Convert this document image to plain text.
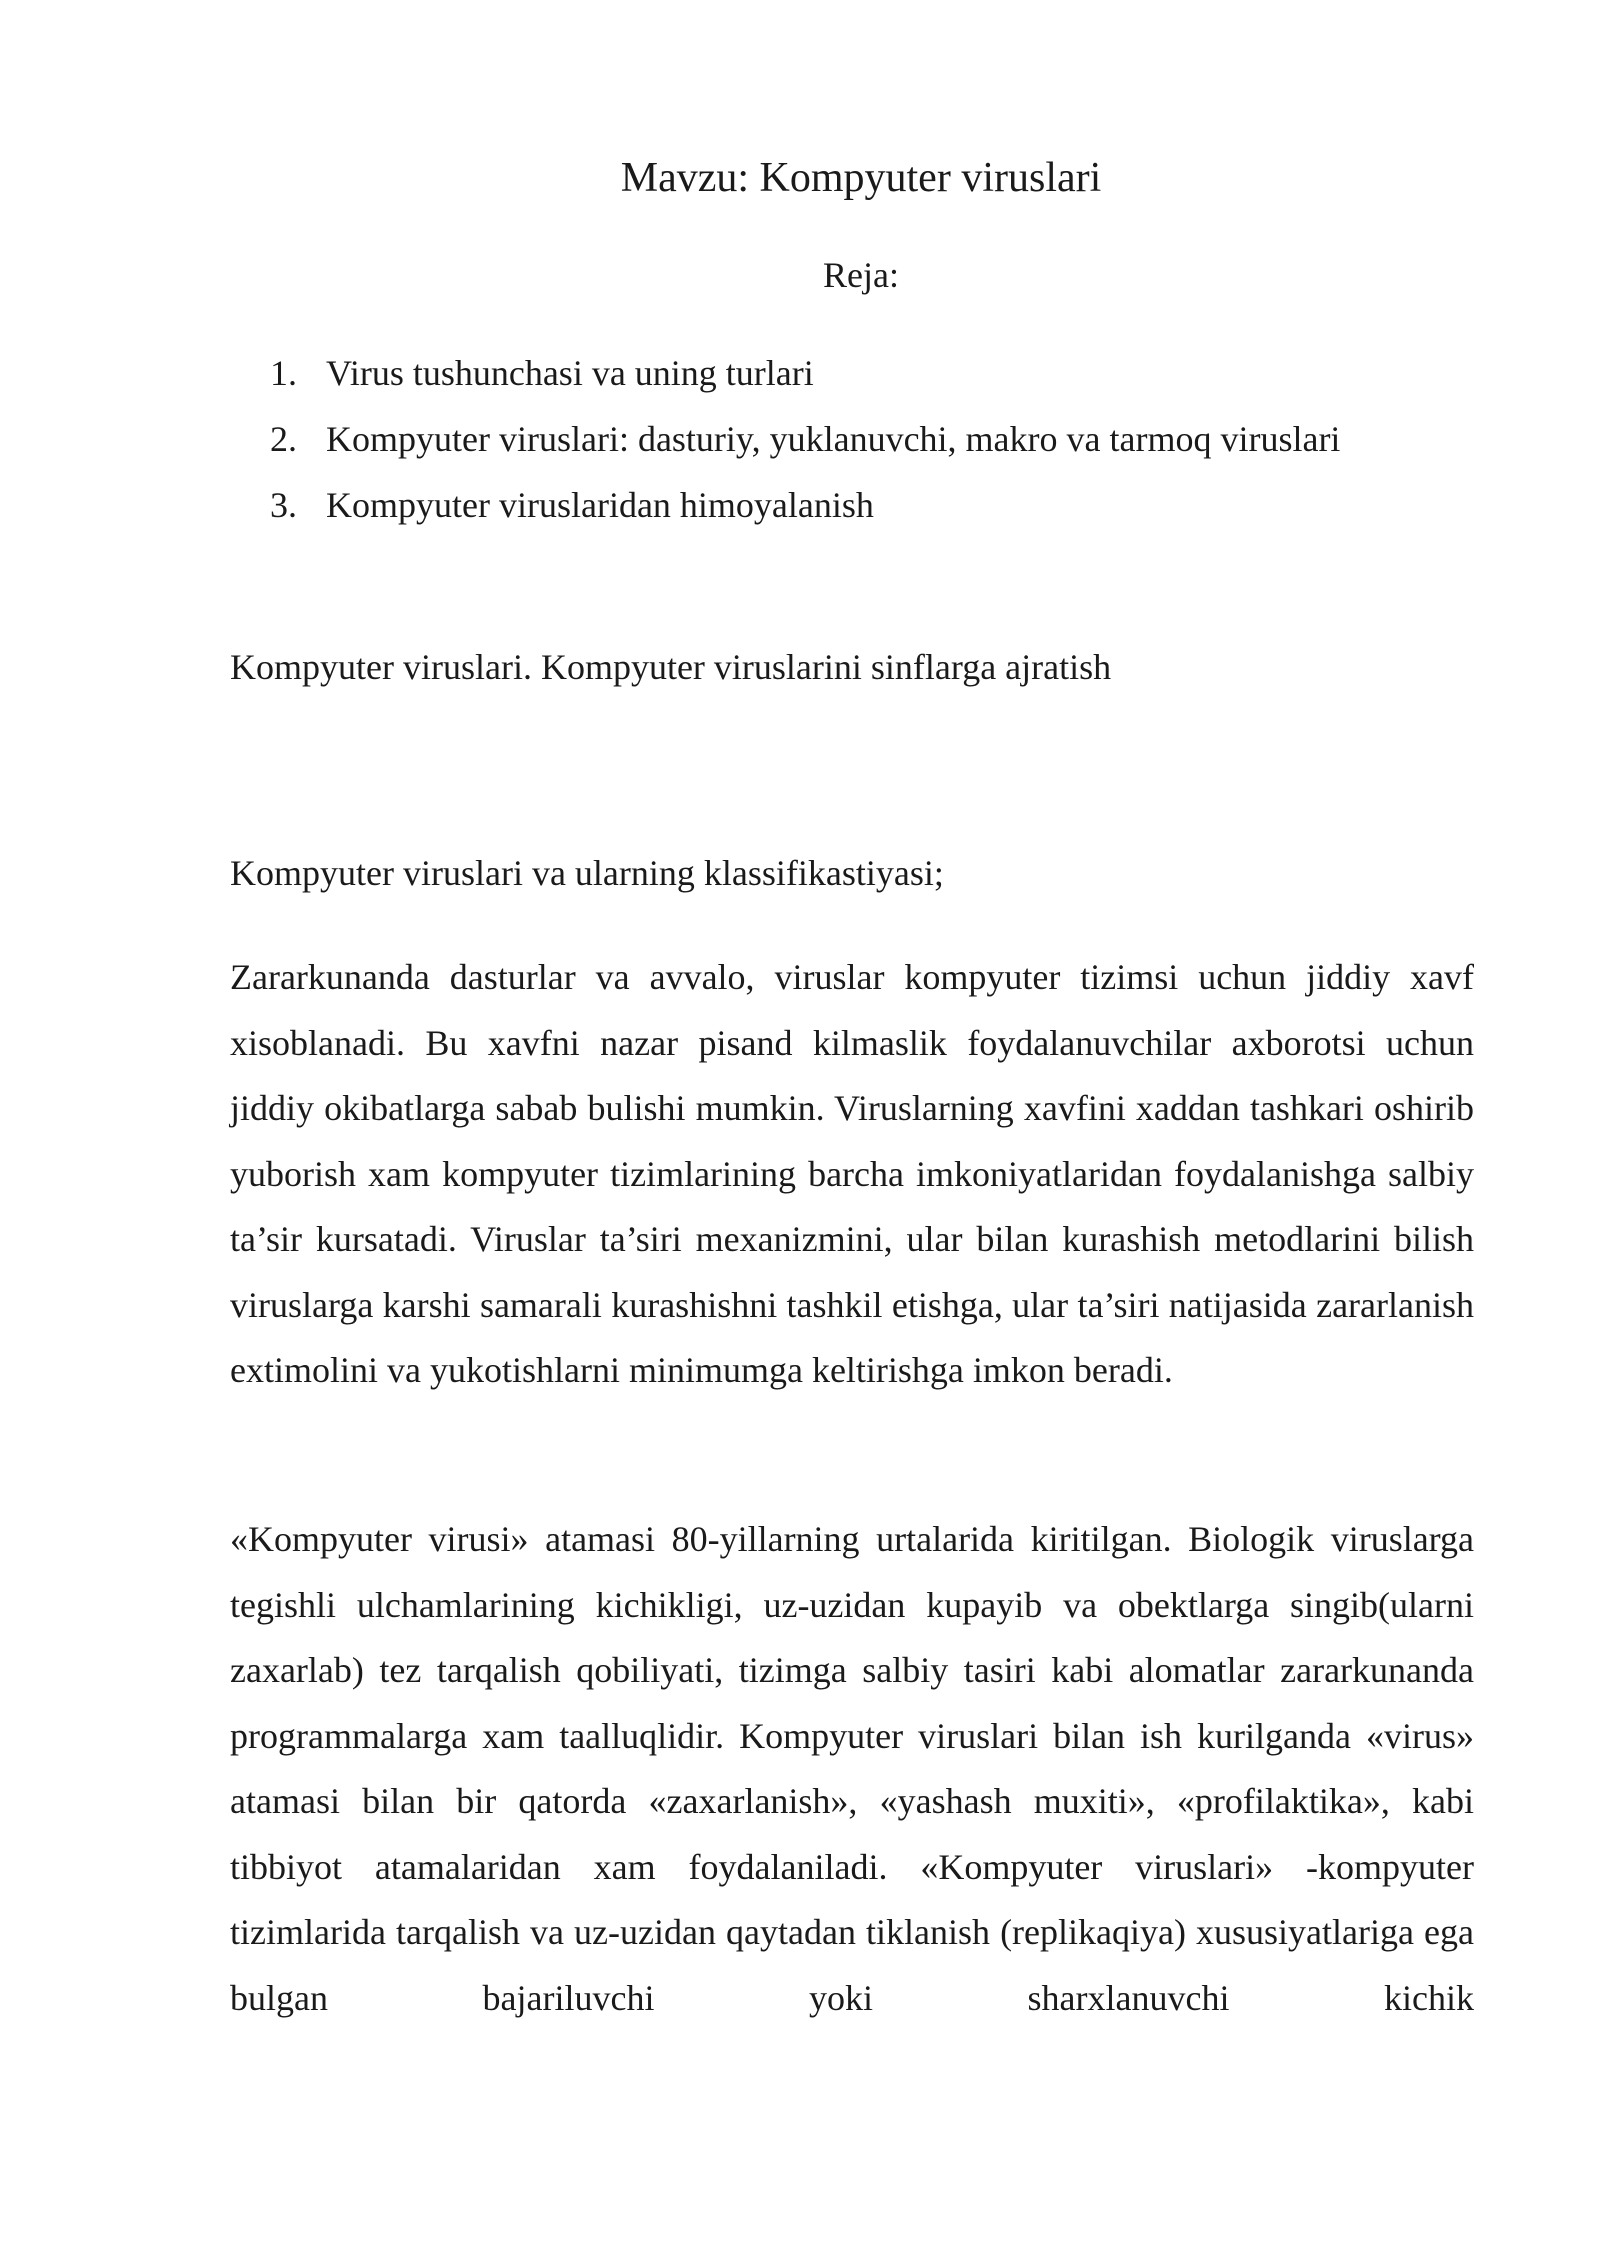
Mavzu: Kompyuter viruslari

Reja:

1. Virus tushunchasi va uning turlari
2. Kompyuter viruslari: dasturiy, yuklanuvchi, makro va tarmoq viruslari
3. Kompyuter viruslaridan himoyalanish
Kompyuter viruslari. Kompyuter viruslarini sinflarga ajratish
Kompyuter viruslari va ularning klassifikastiyasi;

Zararkunanda dasturlar va avvalo, viruslar kompyuter tizimsi uchun jiddiy xavf xisoblanadi. Bu xavfni nazar pisand kilmaslik foydalanuvchilar axborotsi uchun jiddiy okibatlarga sabab bulishi mumkin. Viruslarning xavfini xaddan tashkari oshirib yuborish xam kompyuter tizimlarining barcha imkoniyatlaridan foydalanishga salbiy ta’sir kursatadi. Viruslar ta’siri mexanizmini, ular bilan kurashish metodlarini bilish viruslarga karshi samarali kurashishni tashkil etishga, ular ta’siri natijasida zararlanish extimolini va yukotishlarni minimumga keltirishga imkon beradi.

«Kompyuter virusi» atamasi 80-yillarning urtalarida kiritilgan. Biologik viruslarga tegishli ulchamlarining kichikligi, uz-uzidan kupayib va obektlarga singib(ularni zaxarlab) tez tarqalish qobiliyati, tizimga salbiy tasiri kabi alomatlar zararkunanda programmalarga xam taalluqlidir. Kompyuter viruslari bilan ish kurilganda «virus» atamasi bilan bir qatorda «zaxarlanish», «yashash muxiti», «profilaktika», kabi tibbiyot atamalaridan xam foydalaniladi. «Kompyuter viruslari» -kompyuter tizimlarida tarqalish va uz-uzidan qaytadan tiklanish (replikaqiya) xususiyatlariga ega bulgan bajariluvchi yoki sharxlanuvchi kichik
